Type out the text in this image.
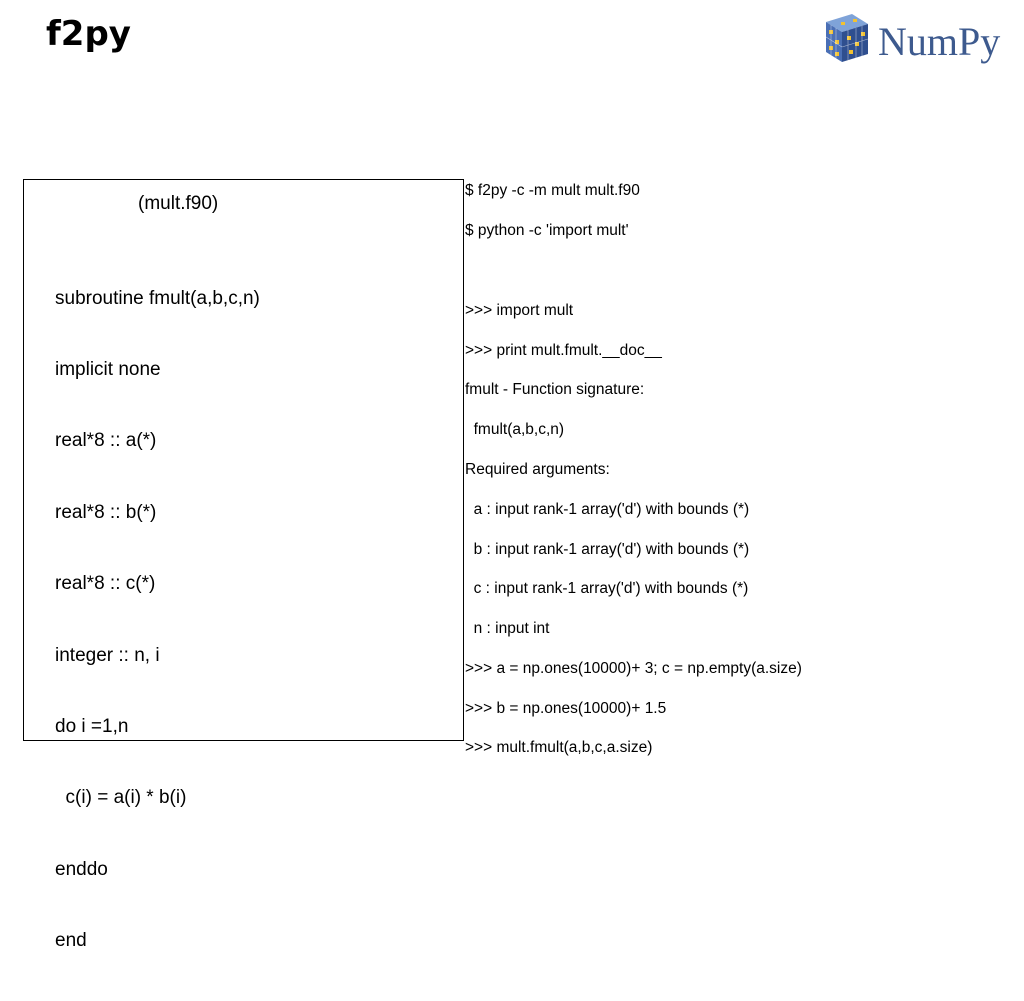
f2py	NumPy
(mult.f90)

subroutine fmult(a,b,c,n)

implicit none

real*8 :: a(*)

real*8 :: b(*)

real*8 :: c(*)

integer :: n, i

do i =1,n

c(i) = a(i) * b(i)

enddo

end

$ f2py -c -m mult mult.f90
$ python -c 'import mult'
>>> import mult
>>> print mult.fmult.__doc__
fmult - Function signature:
fmult(a,b,c,n)
Required arguments:
a : input rank-1 array('d') with bounds (*)
b : input rank-1 array('d') with bounds (*)
c : input rank-1 array('d') with bounds (*)
n : input int
>>> a = np.ones(10000)+ 3; c = np.empty(a.size)
>>> b = np.ones(10000)+ 1.5
>>> mult.fmult(a,b,c,a.size)
